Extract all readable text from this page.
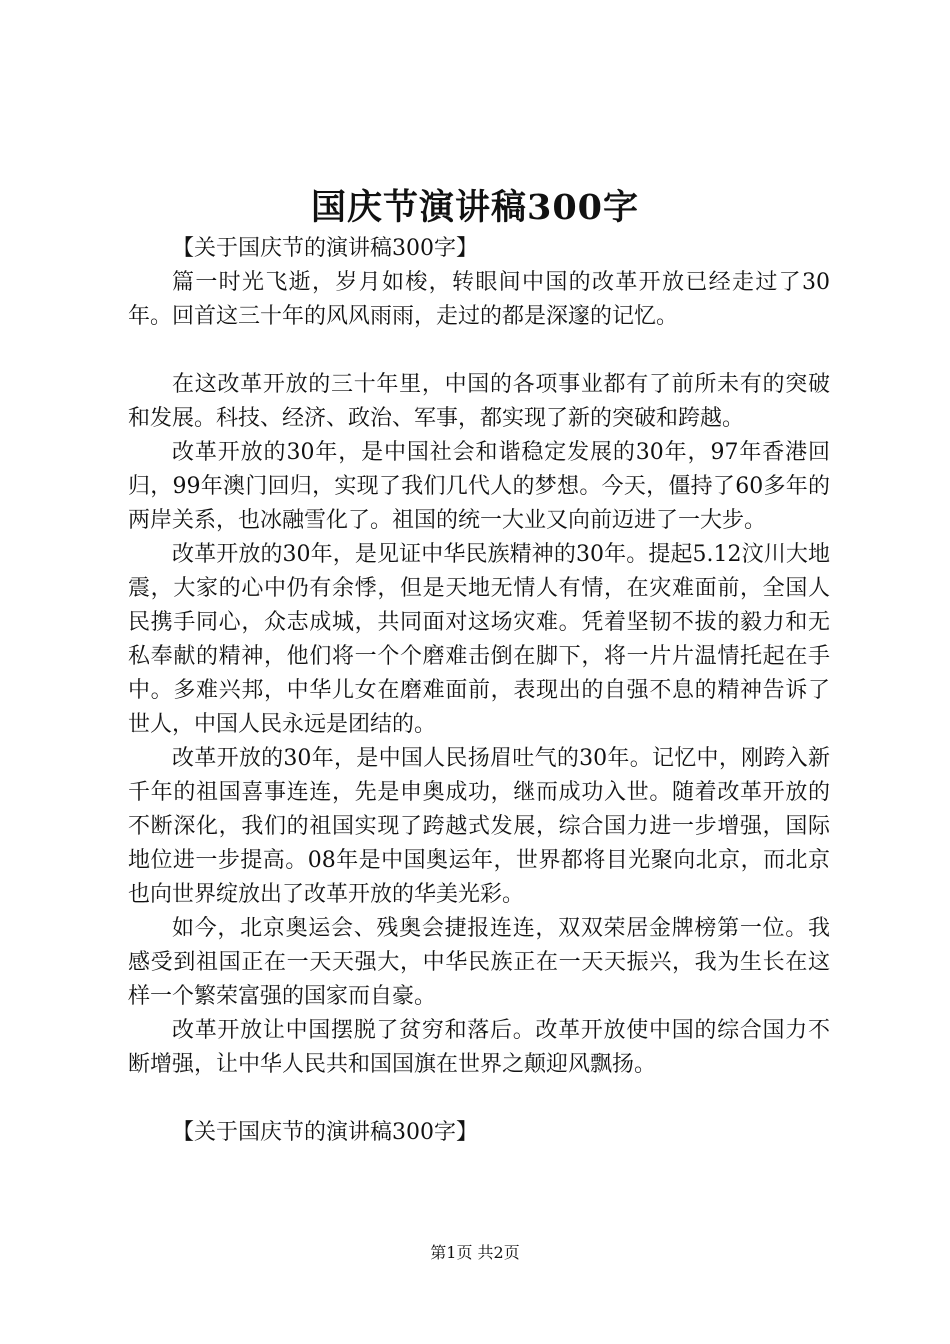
国庆节演讲稿300字

【关于国庆节的演讲稿300字】

篇一时光飞逝，岁月如梭，转眼间中国的改革开放已经走过了30年。回首这三十年的风风雨雨，走过的都是深邃的记忆。

在这改革开放的三十年里，中国的各项事业都有了前所未有的突破和发展。科技、经济、政治、军事，都实现了新的突破和跨越。

改革开放的30年，是中国社会和谐稳定发展的30年，97年香港回归，99年澳门回归，实现了我们几代人的梦想。今天，僵持了60多年的两岸关系，也冰融雪化了。祖国的统一大业又向前迈进了一大步。

改革开放的30年，是见证中华民族精神的30年。提起5.12汶川大地震，大家的心中仍有余悸，但是天地无情人有情，在灾难面前，全国人民携手同心，众志成城，共同面对这场灾难。凭着坚韧不拔的毅力和无私奉献的精神，他们将一个个磨难击倒在脚下，将一片片温情托起在手中。多难兴邦，中华儿女在磨难面前，表现出的自强不息的精神告诉了世人，中国人民永远是团结的。

改革开放的30年，是中国人民扬眉吐气的30年。记忆中，刚跨入新千年的祖国喜事连连，先是申奥成功，继而成功入世。随着改革开放的不断深化，我们的祖国实现了跨越式发展，综合国力进一步增强，国际地位进一步提高。08年是中国奥运年，世界都将目光聚向北京，而北京也向世界绽放出了改革开放的华美光彩。

如今，北京奥运会、残奥会捷报连连，双双荣居金牌榜第一位。我感受到祖国正在一天天强大，中华民族正在一天天振兴，我为生长在这样一个繁荣富强的国家而自豪。

改革开放让中国摆脱了贫穷和落后。改革开放使中国的综合国力不断增强，让中华人民共和国国旗在世界之颠迎风飘扬。

【关于国庆节的演讲稿300字】

第1页 共2页
